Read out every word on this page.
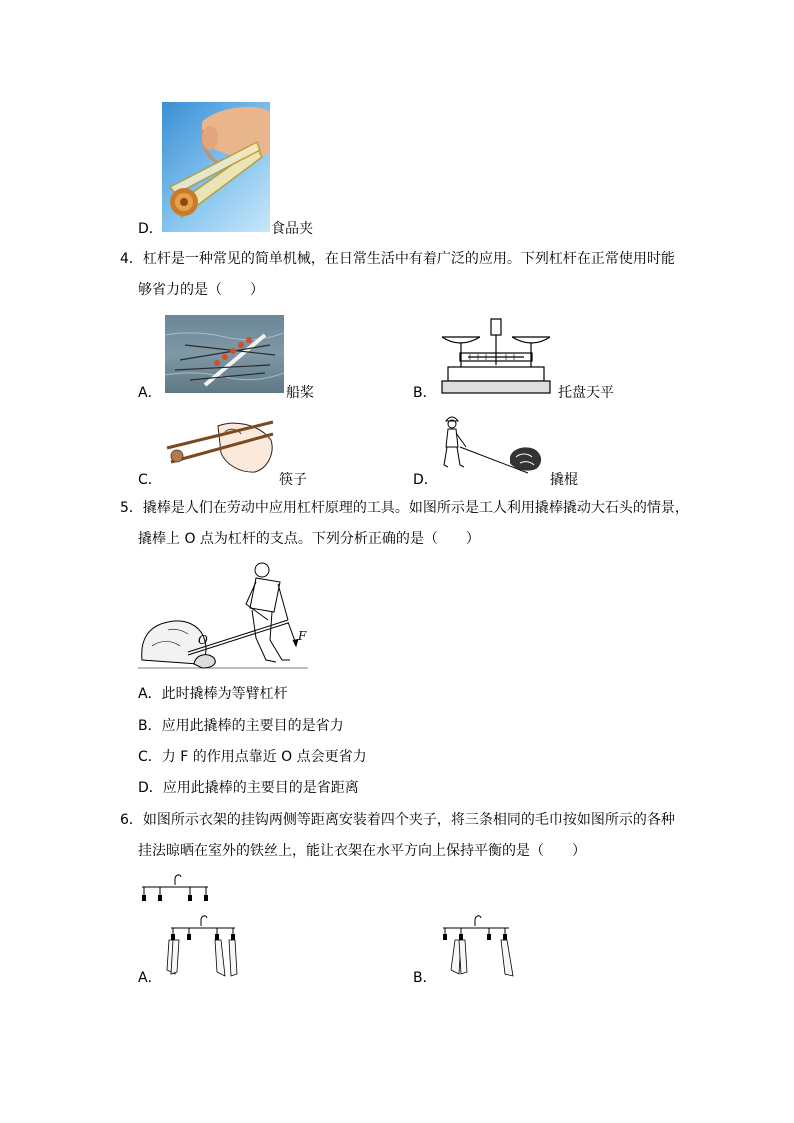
D．	食品夹
4．杠杆是一种常见的简单机械，在日常生活中有着广泛的应用。下列杠杆在正常使用时能
够省力的是（　　）
A．	船桨	B．	托盘天平
C．	筷子	D．	撬棍
5．撬棒是人们在劳动中应用杠杆原理的工具。如图所示是工人利用撬棒撬动大石头的情景，
撬棒上 O 点为杠杆的支点。下列分析正确的是（　　）
O	F
A．此时撬棒为等臂杠杆
B．应用此撬棒的主要目的是省力
C．力 F 的作用点靠近 O 点会更省力
D．应用此撬棒的主要目的是省距离
6．如图所示衣架的挂钩两侧等距离安装着四个夹子，将三条相同的毛巾按如图所示的各种
挂法晾晒在室外的铁丝上，能让衣架在水平方向上保持平衡的是（　　）
A．	B．
